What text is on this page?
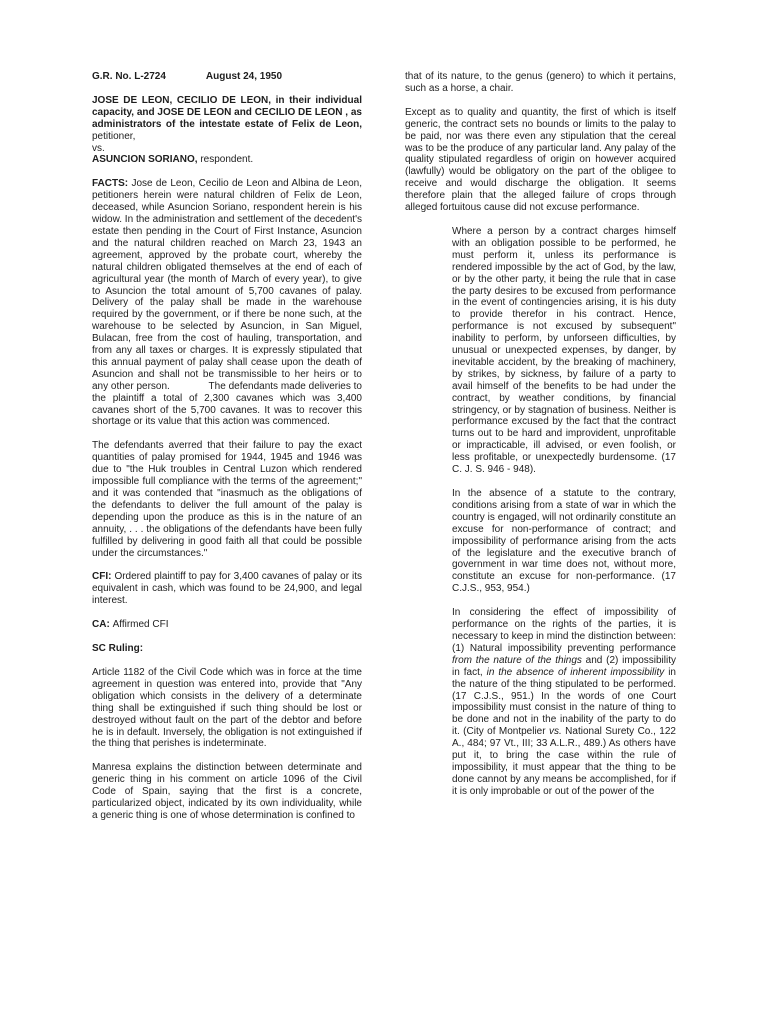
G.R. No. L-2724	August 24, 1950

JOSE DE LEON, CECILIO DE LEON, in their individual capacity, and JOSE DE LEON and CECILIO DE LEON , as administrators of the intestate estate of Felix de Leon, petitioner,

vs.

ASUNCION SORIANO, respondent.

FACTS: Jose de Leon, Cecilio de Leon and Albina de Leon, petitioners herein were natural children of Felix de Leon, deceased, while Asuncion Soriano, respondent herein is his widow. In the administration and settlement of the decedent's estate then pending in the Court of First Instance, Asuncion and the natural children reached on March 23, 1943 an agreement, approved by the probate court, whereby the natural children obligated themselves at the end of each of agricultural year (the month of March of every year), to give to Asuncion the total amount of 5,700 cavanes of palay. Delivery of the palay shall be made in the warehouse required by the government, or if there be none such, at the warehouse to be selected by Asuncion, in San Miguel, Bulacan, free from the cost of hauling, transportation, and from any all taxes or charges. It is expressly stipulated that this annual payment of palay shall cease upon the death of Asuncion and shall not be transmissible to her heirs or to any other person.              The defendants made deliveries to the plaintiff a total of 2,300 cavanes which was 3,400 cavanes short of the 5,700 cavanes. It was to recover this shortage or its value that this action was commenced.

The defendants averred that their failure to pay the exact quantities of palay promised for 1944, 1945 and 1946 was due to "the Huk troubles in Central Luzon which rendered impossible full compliance with the terms of the agreement;" and it was contended that "inasmuch as the obligations of the defendants to deliver the full amount of the palay is depending upon the produce as this is in the nature of an annuity, . . . the obligations of the defendants have been fully fulfilled by delivering in good faith all that could be possible under the circumstances."

CFI: Ordered plaintiff to pay for 3,400 cavanes of palay or its equivalent in cash, which was found to be 24,900, and legal interest.

CA: Affirmed CFI

SC Ruling:

Article 1182 of the Civil Code which was in force at the time agreement in question was entered into, provide that "Any obligation which consists in the delivery of a determinate thing shall be extinguished if such thing should be lost or destroyed without fault on the part of the debtor and before he is in default. Inversely, the obligation is not extinguished if the thing that perishes is indeterminate.

Manresa explains the distinction between determinate and generic thing in his comment on article 1096 of the Civil Code of Spain, saying that the first is a concrete, particularized object, indicated by its own individuality, while a generic thing is one of whose determination is confined to

that of its nature, to the genus (genero) to which it pertains, such as a horse, a chair.

Except as to quality and quantity, the first of which is itself generic, the contract sets no bounds or limits to the palay to be paid, nor was there even any stipulation that the cereal was to be the produce of any particular land. Any palay of the quality stipulated regardless of origin on however acquired (lawfully) would be obligatory on the part of the obligee to receive and would discharge the obligation. It seems therefore plain that the alleged failure of crops through alleged fortuitous cause did not excuse performance.

Where a person by a contract charges himself with an obligation possible to be performed, he must perform it, unless its performance is rendered impossible by the act of God, by the law, or by the other party, it being the rule that in case the party desires to be excused from performance in the event of contingencies arising, it is his duty to provide therefor in his contract. Hence, performance is not excused by subsequent" inability to perform, by unforseen difficulties, by unusual or unexpected expenses, by danger, by inevitable accident, by the breaking of machinery, by strikes, by sickness, by failure of a party to avail himself of the benefits to be had under the contract, by weather conditions, by financial stringency, or by stagnation of business. Neither is performance excused by the fact that the contract turns out to be hard and improvident, unprofitable or impracticable, ill advised, or even foolish, or less profitable, or unexpectedly burdensome. (17 C. J. S. 946 - 948).

In the absence of a statute to the contrary, conditions arising from a state of war in which the country is engaged, will not ordinarily constitute an excuse for non-performance of contract; and impossibility of performance arising from the acts of the legislature and the executive branch of government in war time does not, without more, constitute an excuse for non-performance. (17 C.J.S., 953, 954.)

In considering the effect of impossibility of performance on the rights of the parties, it is necessary to keep in mind the distinction between: (1) Natural impossibility preventing performance from the nature of the things and (2) impossibility in fact, in the absence of inherent impossibility in the nature of the thing stipulated to be performed. (17 C.J.S., 951.) In the words of one Court impossibility must consist in the nature of thing to be done and not in the inability of the party to do it. (City of Montpelier vs. National Surety Co., 122 A., 484; 97 Vt., III; 33 A.L.R., 489.) As others have put it, to bring the case within the rule of impossibility, it must appear that the thing to be done cannot by any means be accomplished, for if it is only improbable or out of the power of the
